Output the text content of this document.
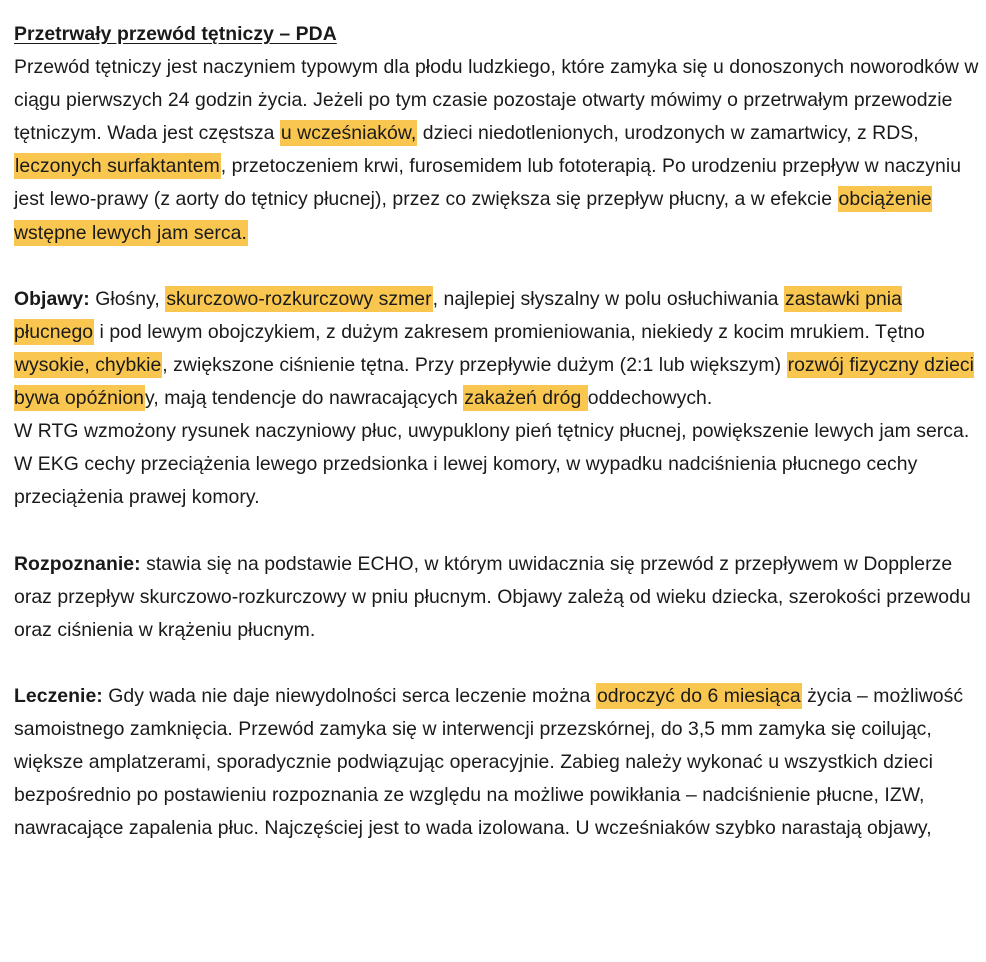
Przetrwały przewód tętniczy – PDA

Przewód tętniczy jest naczyniem typowym dla płodu ludzkiego, które zamyka się u donoszonych noworodków w ciągu pierwszych 24 godzin życia. Jeżeli po tym czasie pozostaje otwarty mówimy o przetrwałym przewodzie tętniczym. Wada jest częstsza u wcześniaków, dzieci niedotlenionych, urodzonych w zamartwicy, z RDS, leczonych surfaktantem, przetoczeniem krwi, furosemidem lub fototerapią. Po urodzeniu przepływ w naczyniu jest lewo-prawy (z aorty do tętnicy płucnej), przez co zwiększa się przepływ płucny, a w efekcie obciążenie wstępne lewych jam serca.

Objawy: Głośny, skurczowo-rozkurczowy szmer, najlepiej słyszalny w polu osłuchiwania zastawki pnia płucnego i pod lewym obojczykiem, z dużym zakresem promieniowania, niekiedy z kocim mrukiem. Tętno wysokie, chybkie, zwiększone ciśnienie tętna. Przy przepływie dużym (2:1 lub większym) rozwój fizyczny dzieci bywa opóźniony, mają tendencje do nawracających zakażeń dróg oddechowych.

W RTG wzmożony rysunek naczyniowy płuc, uwypuklony pień tętnicy płucnej, powiększenie lewych jam serca. W EKG cechy przeciążenia lewego przedsionka i lewej komory, w wypadku nadciśnienia płucnego cechy przeciążenia prawej komory.

Rozpoznanie: stawia się na podstawie ECHO, w którym uwidacznia się przewód z przepływem w Dopplerze oraz przepływ skurczowo-rozkurczowy w pniu płucnym. Objawy zależą od wieku dziecka, szerokości przewodu oraz ciśnienia w krążeniu płucnym.

Leczenie: Gdy wada nie daje niewydolności serca leczenie można odroczyć do 6 miesiąca życia – możliwość samoistnego zamknięcia. Przewód zamyka się w interwencji przezskórnej, do 3,5 mm zamyka się coilując, większe amplatzerami, sporadycznie podwiązując operacyjnie. Zabieg należy wykonać u wszystkich dzieci bezpośrednio po postawieniu rozpoznania ze względu na możliwe powikłania – nadciśnienie płucne, IZW, nawracające zapalenia płuc. Najczęściej jest to wada izolowana. U wcześniaków szybko narastają objawy,
